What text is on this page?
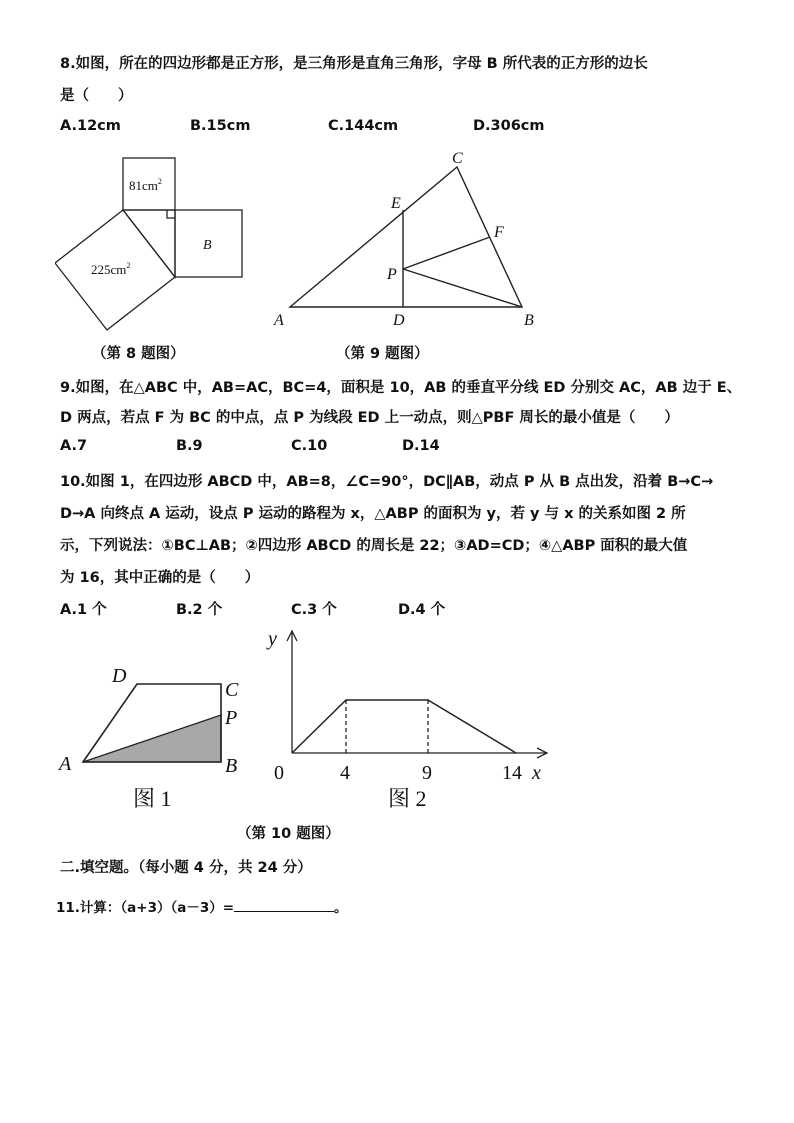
8.如图，所在的四边形都是正方形，是三角形是直角三角形，字母 B 所代表的正方形的边长
是（　　）
A.12cm	B.15cm	C.144cm	D.306cm
$81cm^2$
B
$225cm^2$
（第 8 题图）
A	B
C
D
E
F
P
（第 9 题图）
9.如图，在△ABC 中，AB=AC，BC=4，面积是 10，AB 的垂直平分线 ED 分别交 AC，AB 边于 E、
D 两点，若点 F 为 BC 的中点，点 P 为线段 ED 上一动点，则△PBF 周长的最小值是（　　）
A.7	B.9	C.10	D.14
10.如图 1，在四边形 ABCD 中，AB=8，∠C=90°，DC∥AB，动点 P 从 B 点出发，沿着 B→C→
D→A 向终点 A 运动，设点 P 运动的路程为 x，△ABP 的面积为 y，若 y 与 x 的关系如图 2 所
示，下列说法：①BC⊥AB；②四边形 ABCD 的周长是 22；③AD=CD；④△ABP 面积的最大值
为 16，其中正确的是（　　）
A.1 个	B.2 个	C.3 个	D.4 个
A	B
C
D
P
图 1
y
0	4	9	14 x
图 2
（第 10 题图）
二.填空题。（每小题 4 分，共 24 分）
11.计算：（a+3）（a－3）=	。
